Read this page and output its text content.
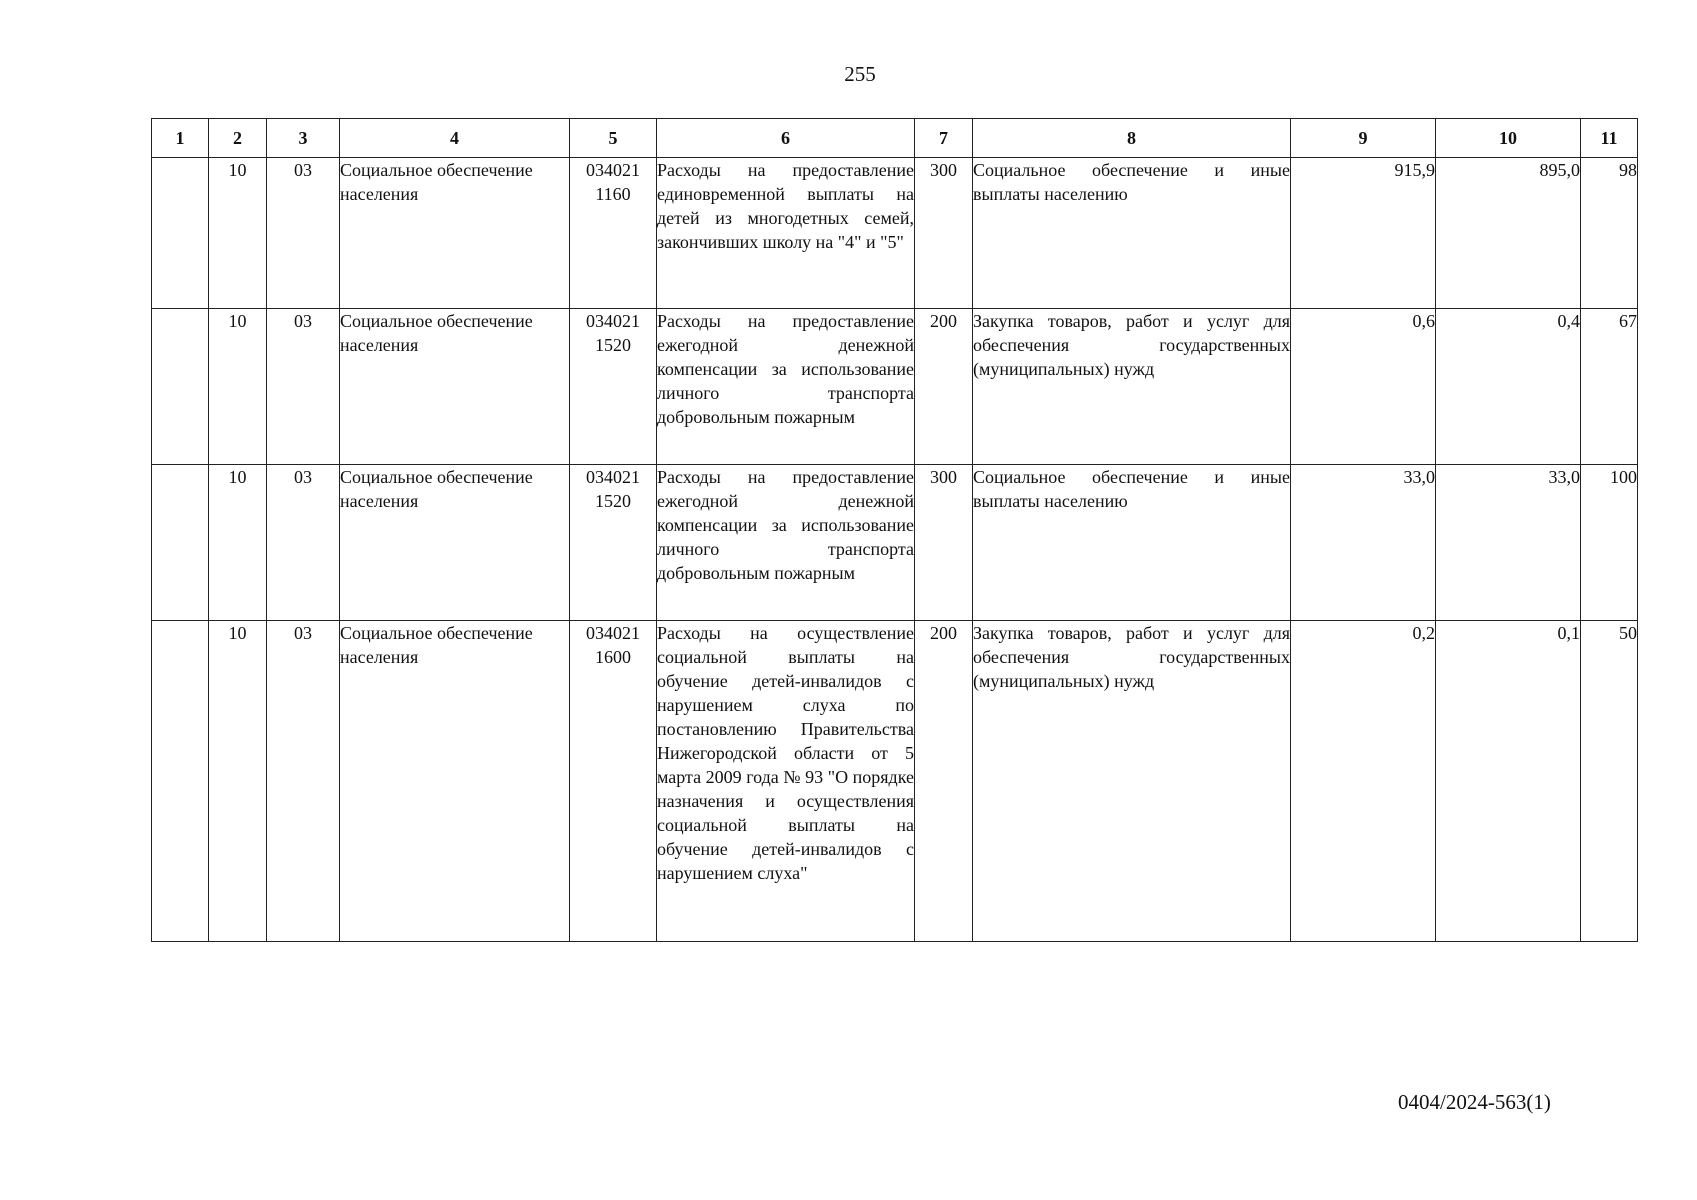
255
1	2	3	4	5	6	7	8	9	10	11
	10	03	Социальное обеспечение населения	034021 1160	Расходы на предоставление единовременной выплаты на детей из многодетных семей, закончивших школу на "4" и "5"	300	Социальное обеспечение и иные выплаты населению	915,9	895,0	98
	10	03	Социальное обеспечение населения	034021 1520	Расходы на предоставление ежегодной денежной компенсации за использование личного транспорта добровольным пожарным	200	Закупка товаров, работ и услуг для обеспечения государственных (муниципальных) нужд	0,6	0,4	67
	10	03	Социальное обеспечение населения	034021 1520	Расходы на предоставление ежегодной денежной компенсации за использование личного транспорта добровольным пожарным	300	Социальное обеспечение и иные выплаты населению	33,0	33,0	100
	10	03	Социальное обеспечение населения	034021 1600	Расходы на осуществление социальной выплаты на обучение детей-инвалидов с нарушением слуха по постановлению Правительства Нижегородской области от 5 марта 2009 года № 93 "О порядке назначения и осуществления социальной выплаты на обучение детей-инвалидов с нарушением слуха"	200	Закупка товаров, работ и услуг для обеспечения государственных (муниципальных) нужд	0,2	0,1	50
0404/2024-563(1)
